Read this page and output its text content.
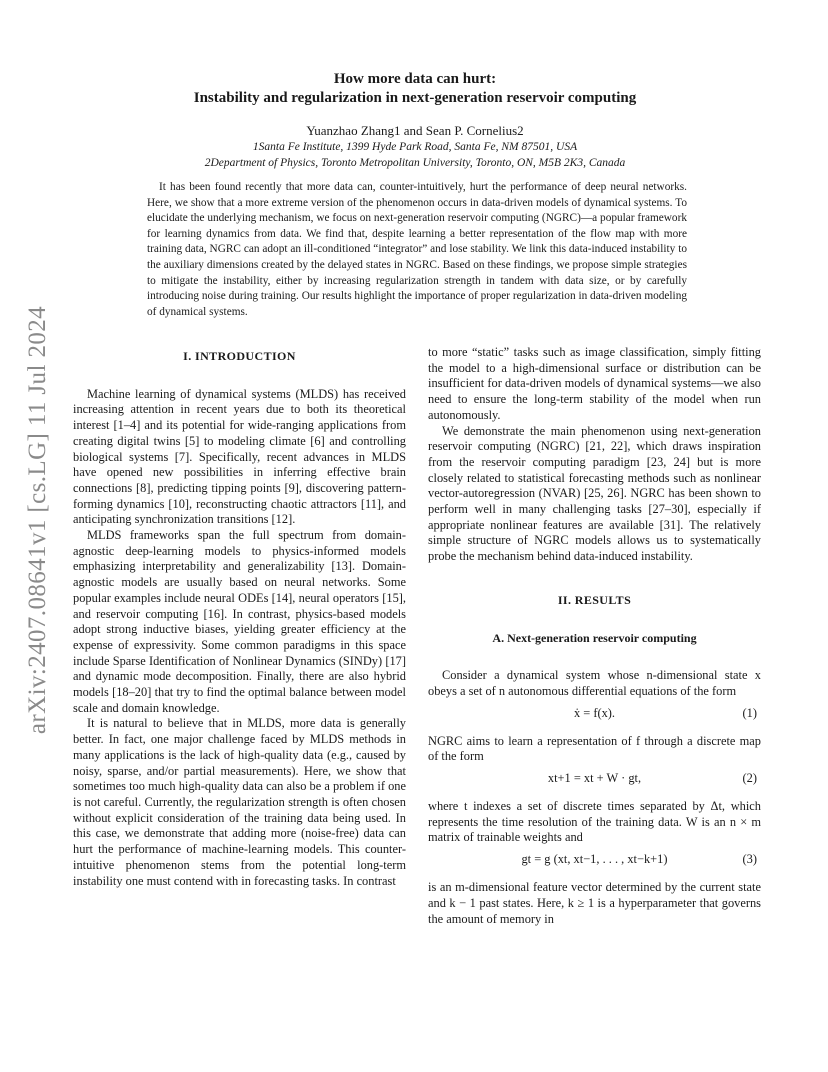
arXiv:2407.08641v1 [cs.LG] 11 Jul 2024
How more data can hurt:
Instability and regularization in next-generation reservoir computing
Yuanzhao Zhang1 and Sean P. Cornelius2
1Santa Fe Institute, 1399 Hyde Park Road, Santa Fe, NM 87501, USA
2Department of Physics, Toronto Metropolitan University, Toronto, ON, M5B 2K3, Canada

It has been found recently that more data can, counter-intuitively, hurt the performance of deep neural networks. Here, we show that a more extreme version of the phenomenon occurs in data-driven models of dynamical systems. To elucidate the underlying mechanism, we focus on next-generation reservoir computing (NGRC)—a popular framework for learning dynamics from data. We find that, despite learning a better representation of the flow map with more training data, NGRC can adopt an ill-conditioned “integrator” and lose stability. We link this data-induced instability to the auxiliary dimensions created by the delayed states in NGRC. Based on these findings, we propose simple strategies to mitigate the instability, either by increasing regularization strength in tandem with data size, or by carefully introducing noise during training. Our results highlight the importance of proper regularization in data-driven modeling of dynamical systems.

I. INTRODUCTION

Machine learning of dynamical systems (MLDS) has received increasing attention in recent years due to both its theoretical interest [1–4] and its potential for wide-ranging applications from creating digital twins [5] to modeling climate [6] and controlling biological systems [7]. Specifically, recent advances in MLDS have opened new possibilities in inferring effective brain connections [8], predicting tipping points [9], discovering pattern-forming dynamics [10], reconstructing chaotic attractors [11], and anticipating synchronization transitions [12].

MLDS frameworks span the full spectrum from domain-agnostic deep-learning models to physics-informed models emphasizing interpretability and generalizability [13]. Domain-agnostic models are usually based on neural networks. Some popular examples include neural ODEs [14], neural operators [15], and reservoir computing [16]. In contrast, physics-based models adopt strong inductive biases, yielding greater efficiency at the expense of expressivity. Some common paradigms in this space include Sparse Identification of Nonlinear Dynamics (SINDy) [17] and dynamic mode decomposition. Finally, there are also hybrid models [18–20] that try to find the optimal balance between model scale and domain knowledge.

It is natural to believe that in MLDS, more data is generally better. In fact, one major challenge faced by MLDS methods in many applications is the lack of high-quality data (e.g., caused by noisy, sparse, and/or partial measurements). Here, we show that sometimes too much high-quality data can also be a problem if one is not careful. Currently, the regularization strength is often chosen without explicit consideration of the training data being used. In this case, we demonstrate that adding more (noise-free) data can hurt the performance of machine-learning models. This counter-intuitive phenomenon stems from the potential long-term instability one must contend with in forecasting tasks. In contrast

to more “static” tasks such as image classification, simply fitting the model to a high-dimensional surface or distribution can be insufficient for data-driven models of dynamical systems—we also need to ensure the long-term stability of the model when run autonomously.

We demonstrate the main phenomenon using next-generation reservoir computing (NGRC) [21, 22], which draws inspiration from the reservoir computing paradigm [23, 24] but is more closely related to statistical forecasting methods such as nonlinear vector-autoregression (NVAR) [25, 26]. NGRC has been shown to perform well in many challenging tasks [27–30], especially if appropriate nonlinear features are available [31]. The relatively simple structure of NGRC models allows us to systematically probe the mechanism behind data-induced instability.

II. RESULTS
A. Next-generation reservoir computing

Consider a dynamical system whose n-dimensional state x obeys a set of n autonomous differential equations of the form

ẋ = f(x).	(1)

NGRC aims to learn a representation of f through a discrete map of the form

xt+1 = xt + W · gt,	(2)

where t indexes a set of discrete times separated by Δt, which represents the time resolution of the training data. W is an n × m matrix of trainable weights and

gt = g (xt, xt−1, . . . , xt−k+1)	(3)

is an m-dimensional feature vector determined by the current state and k − 1 past states. Here, k ≥ 1 is a hyperparameter that governs the amount of memory in
